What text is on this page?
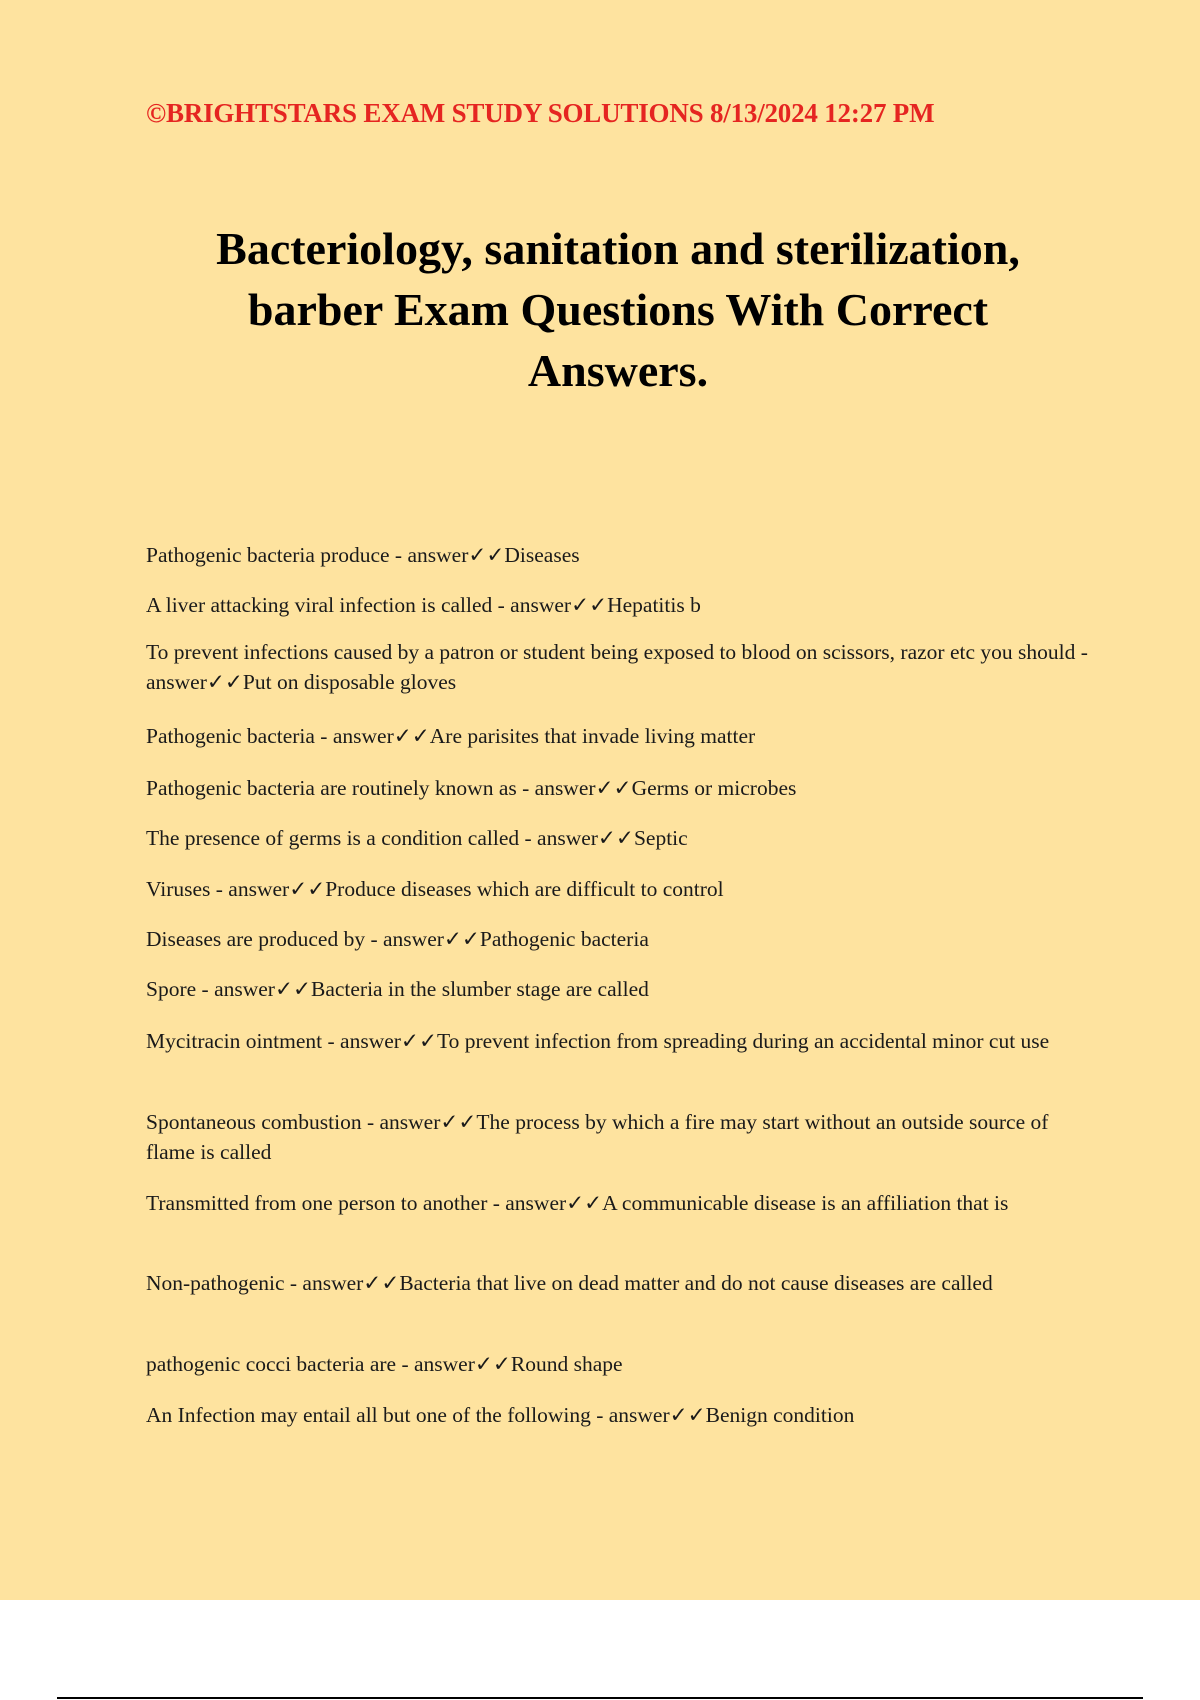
©BRIGHTSTARS EXAM STUDY SOLUTIONS 8/13/2024 12:27 PM
Bacteriology, sanitation and sterilization,
barber Exam Questions With Correct
Answers.
Pathogenic bacteria produce - answer✓✓Diseases
A liver attacking viral infection is called - answer✓✓Hepatitis b
To prevent infections caused by a patron or student being exposed to blood on scissors, razor etc you should - answer✓✓Put on disposable gloves
Pathogenic bacteria - answer✓✓Are parisites that invade living matter
Pathogenic bacteria are routinely known as - answer✓✓Germs or microbes
The presence of germs is a condition called - answer✓✓Septic
Viruses - answer✓✓Produce diseases which are difficult to control
Diseases are produced by - answer✓✓Pathogenic bacteria
Spore - answer✓✓Bacteria in the slumber stage are called
Mycitracin ointment - answer✓✓To prevent infection from spreading during an accidental minor cut use
Spontaneous combustion - answer✓✓The process by which a fire may start without an outside source of flame is called
Transmitted from one person to another - answer✓✓A communicable disease is an affiliation that is
Non-pathogenic - answer✓✓Bacteria that live on dead matter and do not cause diseases are called
pathogenic cocci bacteria are - answer✓✓Round shape
An Infection may entail all but one of the following - answer✓✓Benign condition
